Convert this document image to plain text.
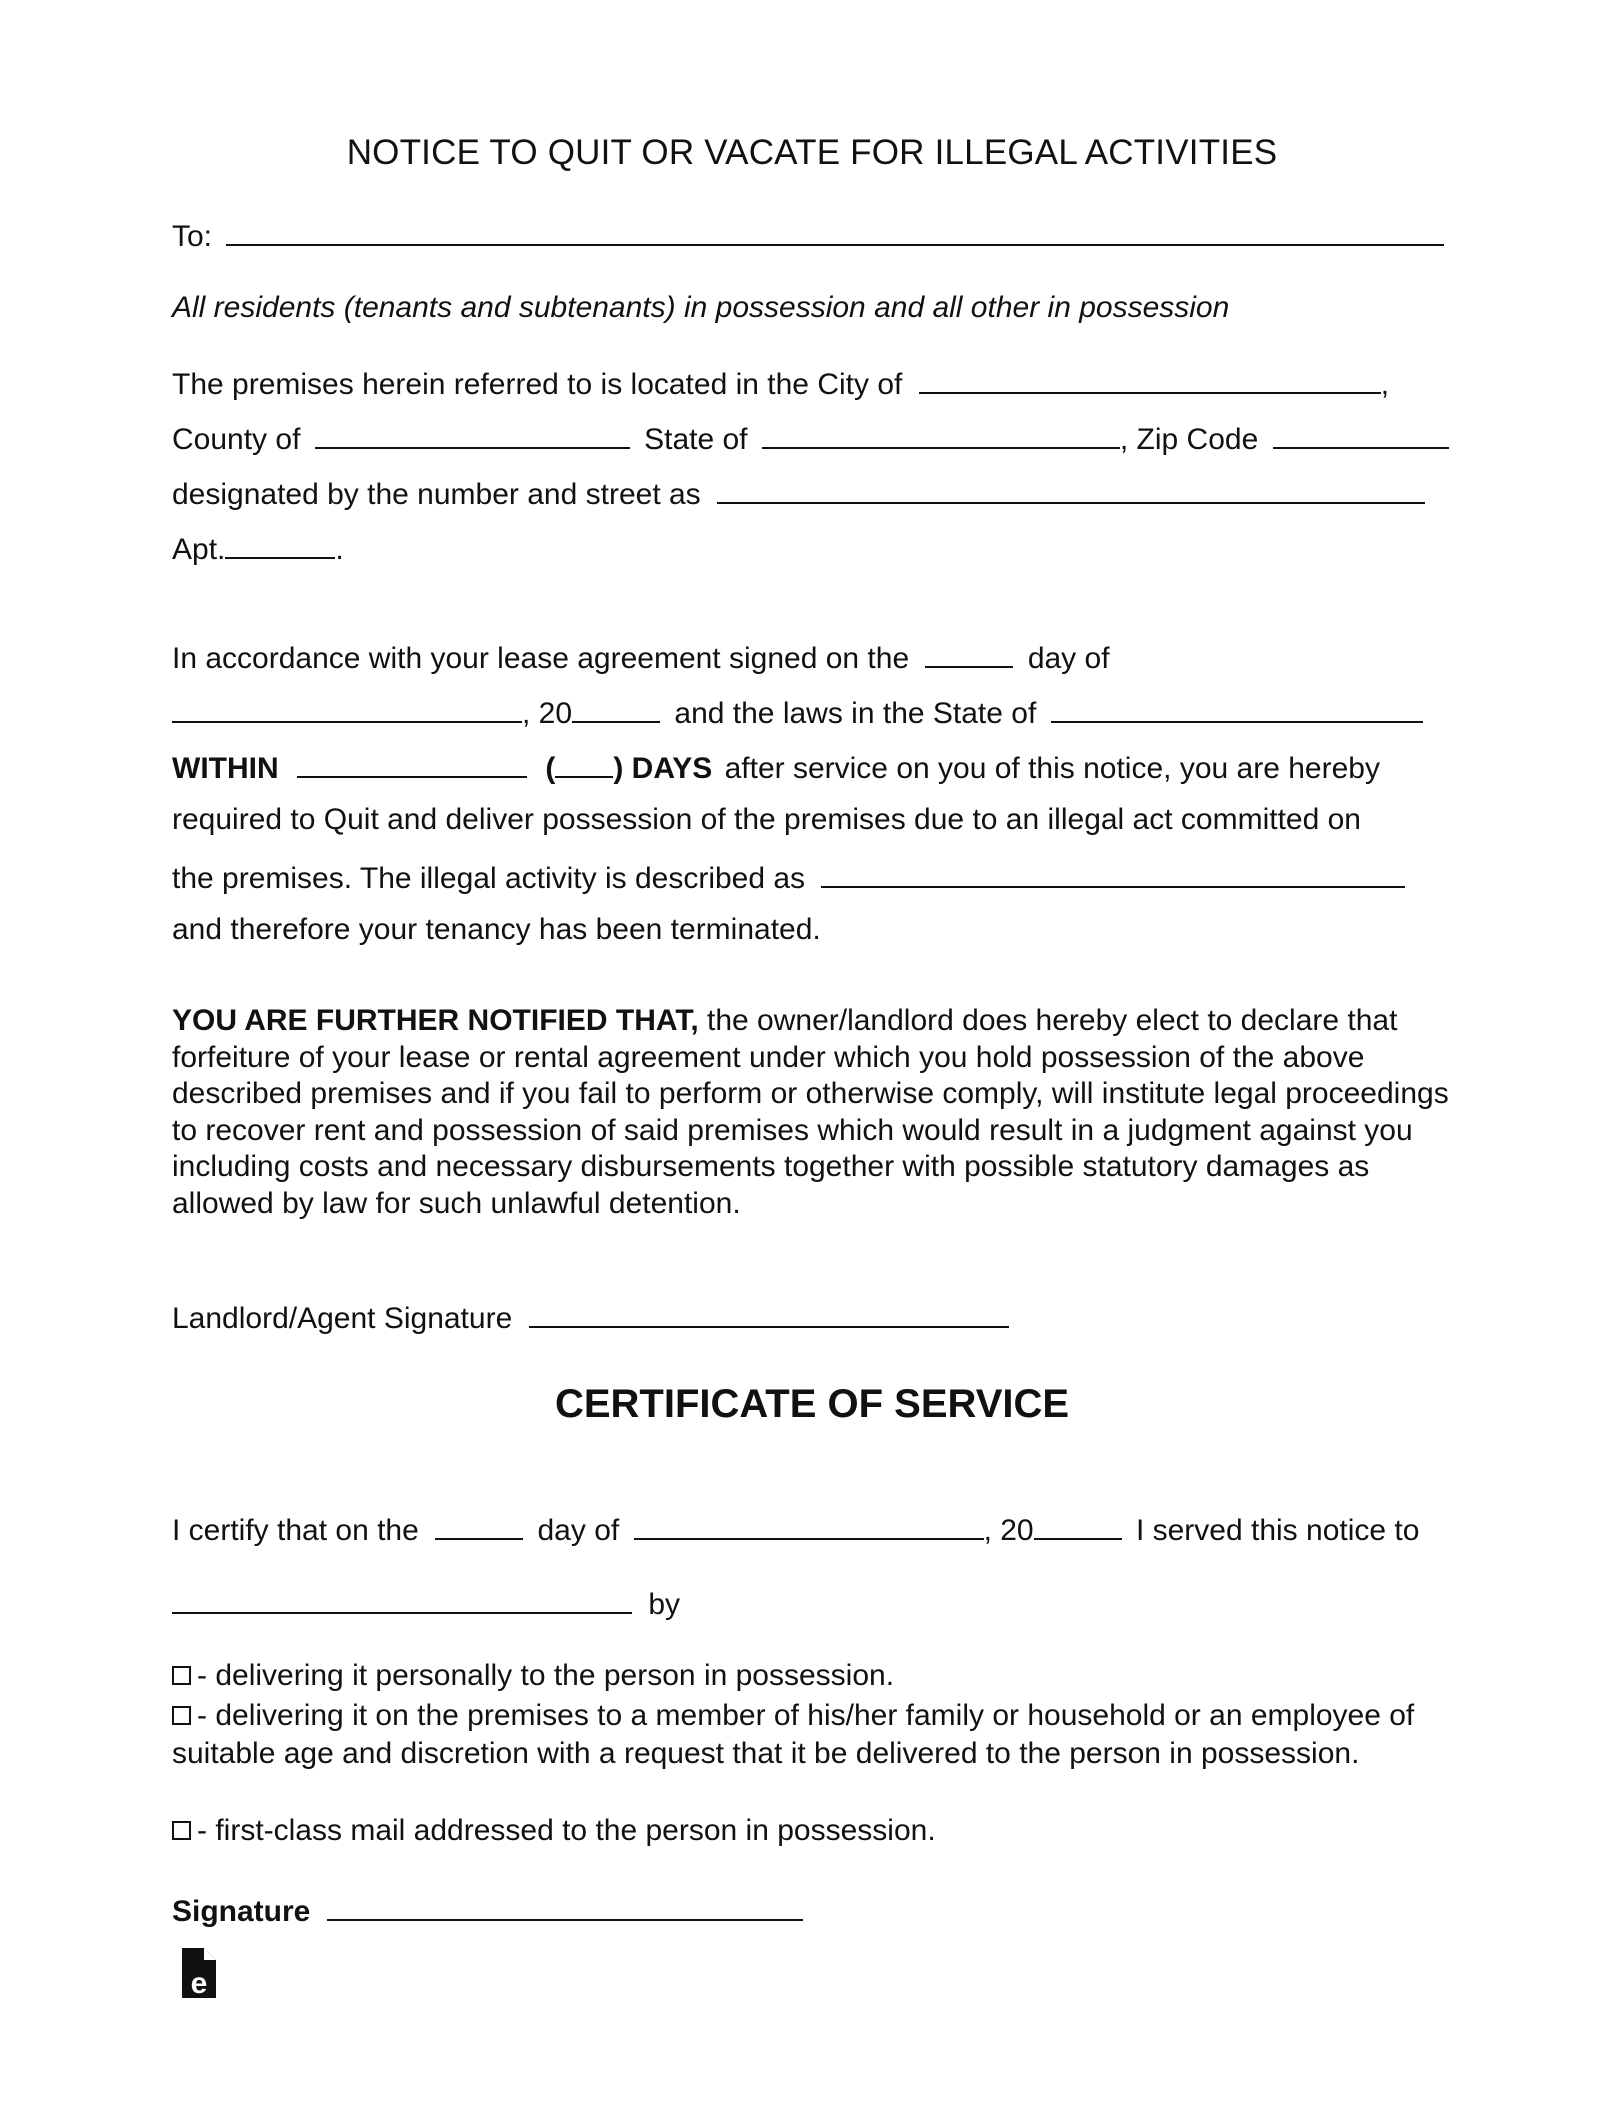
NOTICE TO QUIT OR VACATE FOR ILLEGAL ACTIVITIES
To:
All residents (tenants and subtenants) in possession and all other in possession
The premises herein referred to is located in the City of	,
County of	State of	, Zip Code
designated by the number and street as
Apt.	.
In accordance with your lease agreement signed on the	day of
, 20	and the laws in the State of
WITHIN	( ) DAYS after service on you of this notice, you are hereby
required to Quit and deliver possession of the premises due to an illegal act committed on
the premises. The illegal activity is described as
and therefore your tenancy has been terminated.
YOU ARE FURTHER NOTIFIED THAT, the owner/landlord does hereby elect to declare that forfeiture of your lease or rental agreement under which you hold possession of the above described premises and if you fail to perform or otherwise comply, will institute legal proceedings to recover rent and possession of said premises which would result in a judgment against you including costs and necessary disbursements together with possible statutory damages as allowed by law for such unlawful detention.
Landlord/Agent Signature
CERTIFICATE OF SERVICE
I certify that on the	day of	, 20	I served this notice to
by
- delivering it personally to the person in possession.
- delivering it on the premises to a member of his/her family or household or an employee of suitable age and discretion with a request that it be delivered to the person in possession.
- first-class mail addressed to the person in possession.
Signature
e
